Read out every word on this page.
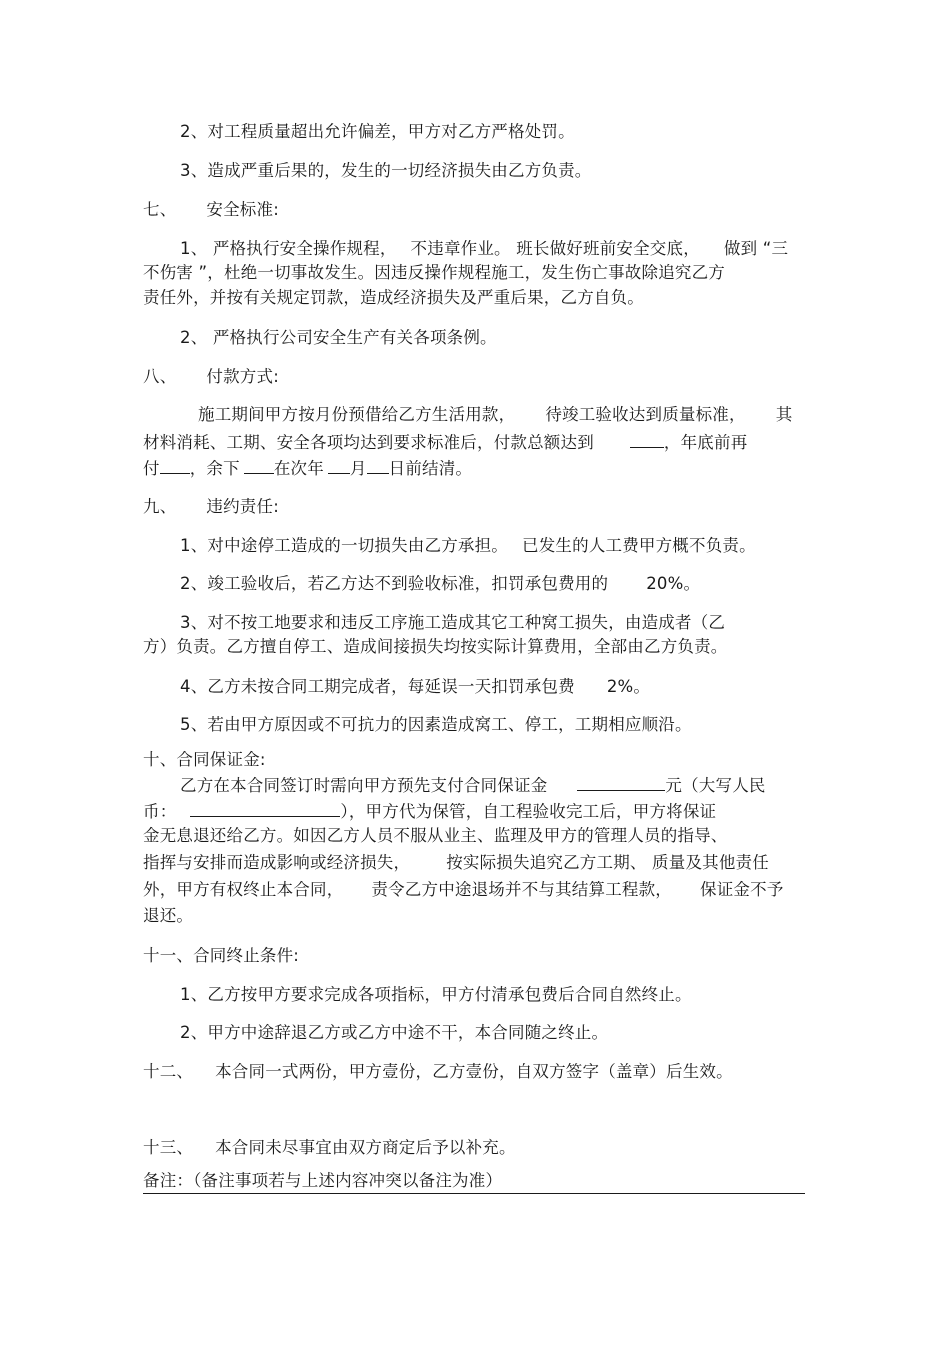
2、对工程质量超出允许偏差，甲方对乙方严格处罚。

3、造成严重后果的，发生的一切经济损失由乙方负责。

七、 安全标准:

1、 严格执行安全操作规程， 不违章作业。 班长做好班前安全交底， 做到 “三

不伤害 ”，杜绝一切事故发生。因违反操作规程施工，发生伤亡事故除追究乙方

责任外，并按有关规定罚款，造成经济损失及严重后果，乙方自负。

2、 严格执行公司安全生产有关各项条例。

八、 付款方式:

施工期间甲方按月份预借给乙方生活用款， 待竣工验收达到质量标准， 其

材料消耗、工期、安全各项均达到要求标准后，付款总额达到	，年底前再

付 ，余下 在次年 月 日前结清。

九、 违约责任:

1、对中途停工造成的一切损失由乙方承担。 已发生的人工费甲方概不负责。

2、竣工验收后，若乙方达不到验收标准，扣罚承包费用的 20%。

3、对不按工地要求和违反工序施工造成其它工种窝工损失，由造成者（乙

方）负责。乙方擅自停工、造成间接损失均按实际计算费用，全部由乙方负责。

4、乙方未按合同工期完成者，每延误一天扣罚承包费 2%。

5、若由甲方原因或不可抗力的因素造成窝工、停工，工期相应顺沿。

十、合同保证金:

乙方在本合同签订时需向甲方预先支付合同保证金	元（大写人民

币：	），甲方代为保管，自工程验收完工后，甲方将保证

金无息退还给乙方。如因乙方人员不服从业主、监理及甲方的管理人员的指导、

指挥与安排而造成影响或经济损失， 按实际损失追究乙方工期、 质量及其他责任

外，甲方有权终止本合同， 责令乙方中途退场并不与其结算工程款， 保证金不予

退还。

十一、合同终止条件:

1、乙方按甲方要求完成各项指标，甲方付清承包费后合同自然终止。

2、甲方中途辞退乙方或乙方中途不干，本合同随之终止。

十二、 本合同一式两份，甲方壹份，乙方壹份，自双方签字（盖章）后生效。

十三、 本合同未尽事宜由双方商定后予以补充。

备注：（备注事项若与上述内容冲突以备注为准）
